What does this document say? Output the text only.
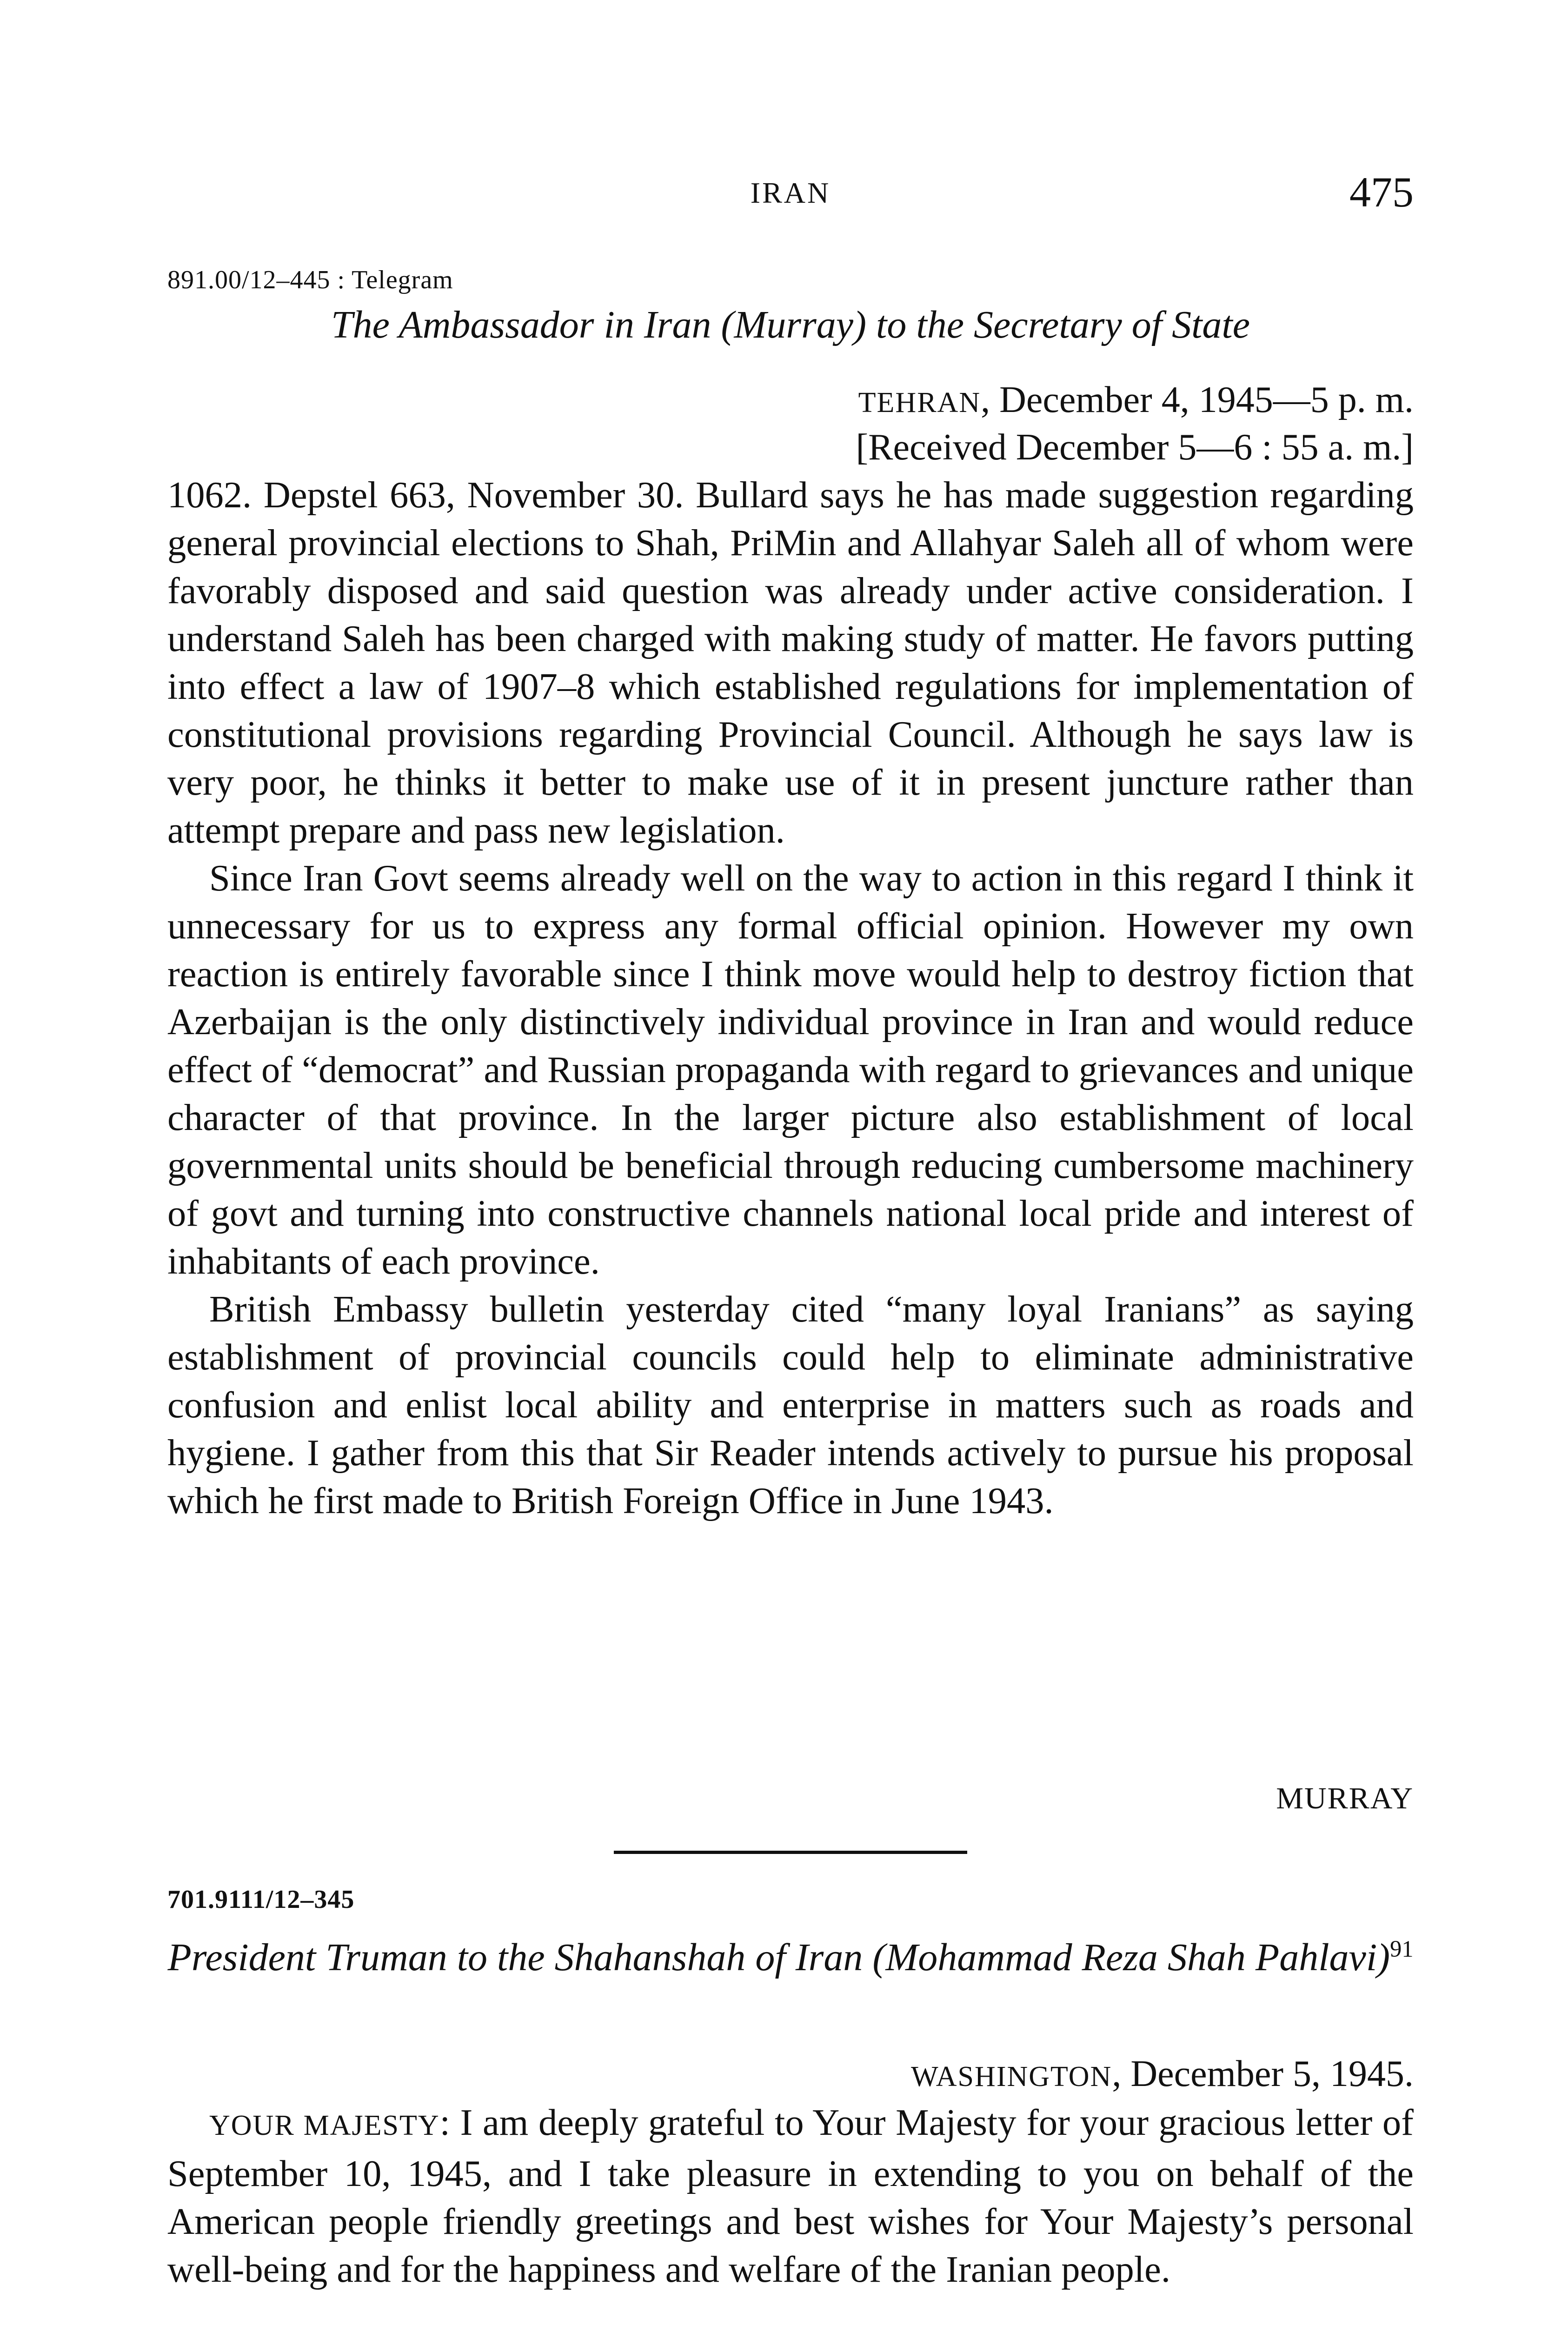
IRAN	475
891.00/12–445 : Telegram
The Ambassador in Iran (Murray) to the Secretary of State
TEHRAN, December 4, 1945—5 p. m.
[Received December 5—6 : 55 a. m.]

1062. Depstel 663, November 30. Bullard says he has made suggestion regarding general provincial elections to Shah, PriMin and Allahyar Saleh all of whom were favorably disposed and said question was already under active consideration. I understand Saleh has been charged with making study of matter. He favors putting into effect a law of 1907–8 which established regulations for implementation of constitutional provisions regarding Provincial Council. Although he says law is very poor, he thinks it better to make use of it in present juncture rather than attempt prepare and pass new legislation.

Since Iran Govt seems already well on the way to action in this regard I think it unnecessary for us to express any formal official opinion. However my own reaction is entirely favorable since I think move would help to destroy fiction that Azerbaijan is the only distinctively individual province in Iran and would reduce effect of “democrat” and Russian propaganda with regard to grievances and unique character of that province. In the larger picture also establishment of local governmental units should be beneficial through reducing cumbersome machinery of govt and turning into constructive channels national local pride and interest of inhabitants of each province.

British Embassy bulletin yesterday cited “many loyal Iranians” as saying establishment of provincial councils could help to eliminate administrative confusion and enlist local ability and enterprise in matters such as roads and hygiene. I gather from this that Sir Reader intends actively to pursue his proposal which he first made to British Foreign Office in June 1943.

MURRAY
701.9111/12–345
President Truman to the Shahanshah of Iran (Mohammad Reza Shah Pahlavi)$^{91}$
WASHINGTON, December 5, 1945.

YOUR MAJESTY: I am deeply grateful to Your Majesty for your gracious letter of September 10, 1945, and I take pleasure in extending to you on behalf of the American people friendly greetings and best wishes for Your Majesty’s personal well-being and for the happiness and welfare of the Iranian people.
